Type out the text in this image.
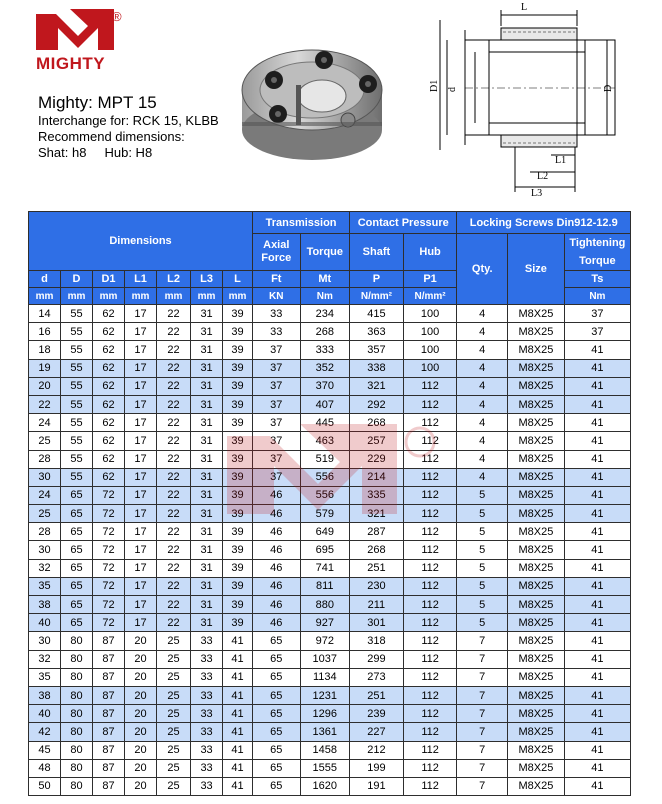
®
MIGHTY
Mighty: MPT 15
Interchange for: RCK 15, KLBB
Recommend dimensions:
Shat: h8     Hub: H8
L
D1 d	D
L1
L2
L3
Dimensions							Transmission		Contact Pressure		Locking Screws Din912-12.9		
							Axial Force	Torque	Shaft	Hub	Qty.	Size	Tightening Torque

d	D	D1	L1	L2	L3	L	Ft	Mt	P	P1			Ts
mm	mm	mm	mm	mm	mm	mm	KN	Nm	N/mm²	N/mm²			Nm
14	55	62	17	22	31	39	33	234	415	100	4	M8X25	37
16	55	62	17	22	31	39	33	268	363	100	4	M8X25	37
18	55	62	17	22	31	39	37	333	357	100	4	M8X25	41
19	55	62	17	22	31	39	37	352	338	100	4	M8X25	41
20	55	62	17	22	31	39	37	370	321	112	4	M8X25	41
22	55	62	17	22	31	39	37	407	292	112	4	M8X25	41
24	55	62	17	22	31	39	37	445	268	112	4	M8X25	41
25	55	62	17	22	31	39	37	463	257	112	4	M8X25	41
28	55	62	17	22	31	39	37	519	229	112	4	M8X25	41
30	55	62	17	22	31	39	37	556	214	112	4	M8X25	41
24	65	72	17	22	31	39	46	556	335	112	5	M8X25	41
25	65	72	17	22	31	39	46	579	321	112	5	M8X25	41
28	65	72	17	22	31	39	46	649	287	112	5	M8X25	41
30	65	72	17	22	31	39	46	695	268	112	5	M8X25	41
32	65	72	17	22	31	39	46	741	251	112	5	M8X25	41
35	65	72	17	22	31	39	46	811	230	112	5	M8X25	41
38	65	72	17	22	31	39	46	880	211	112	5	M8X25	41
40	65	72	17	22	31	39	46	927	301	112	5	M8X25	41
30	80	87	20	25	33	41	65	972	318	112	7	M8X25	41
32	80	87	20	25	33	41	65	1037	299	112	7	M8X25	41
35	80	87	20	25	33	41	65	1134	273	112	7	M8X25	41
38	80	87	20	25	33	41	65	1231	251	112	7	M8X25	41
40	80	87	20	25	33	41	65	1296	239	112	7	M8X25	41
42	80	87	20	25	33	41	65	1361	227	112	7	M8X25	41
45	80	87	20	25	33	41	65	1458	212	112	7	M8X25	41
48	80	87	20	25	33	41	65	1555	199	112	7	M8X25	41
50	80	87	20	25	33	41	65	1620	191	112	7	M8X25	41
